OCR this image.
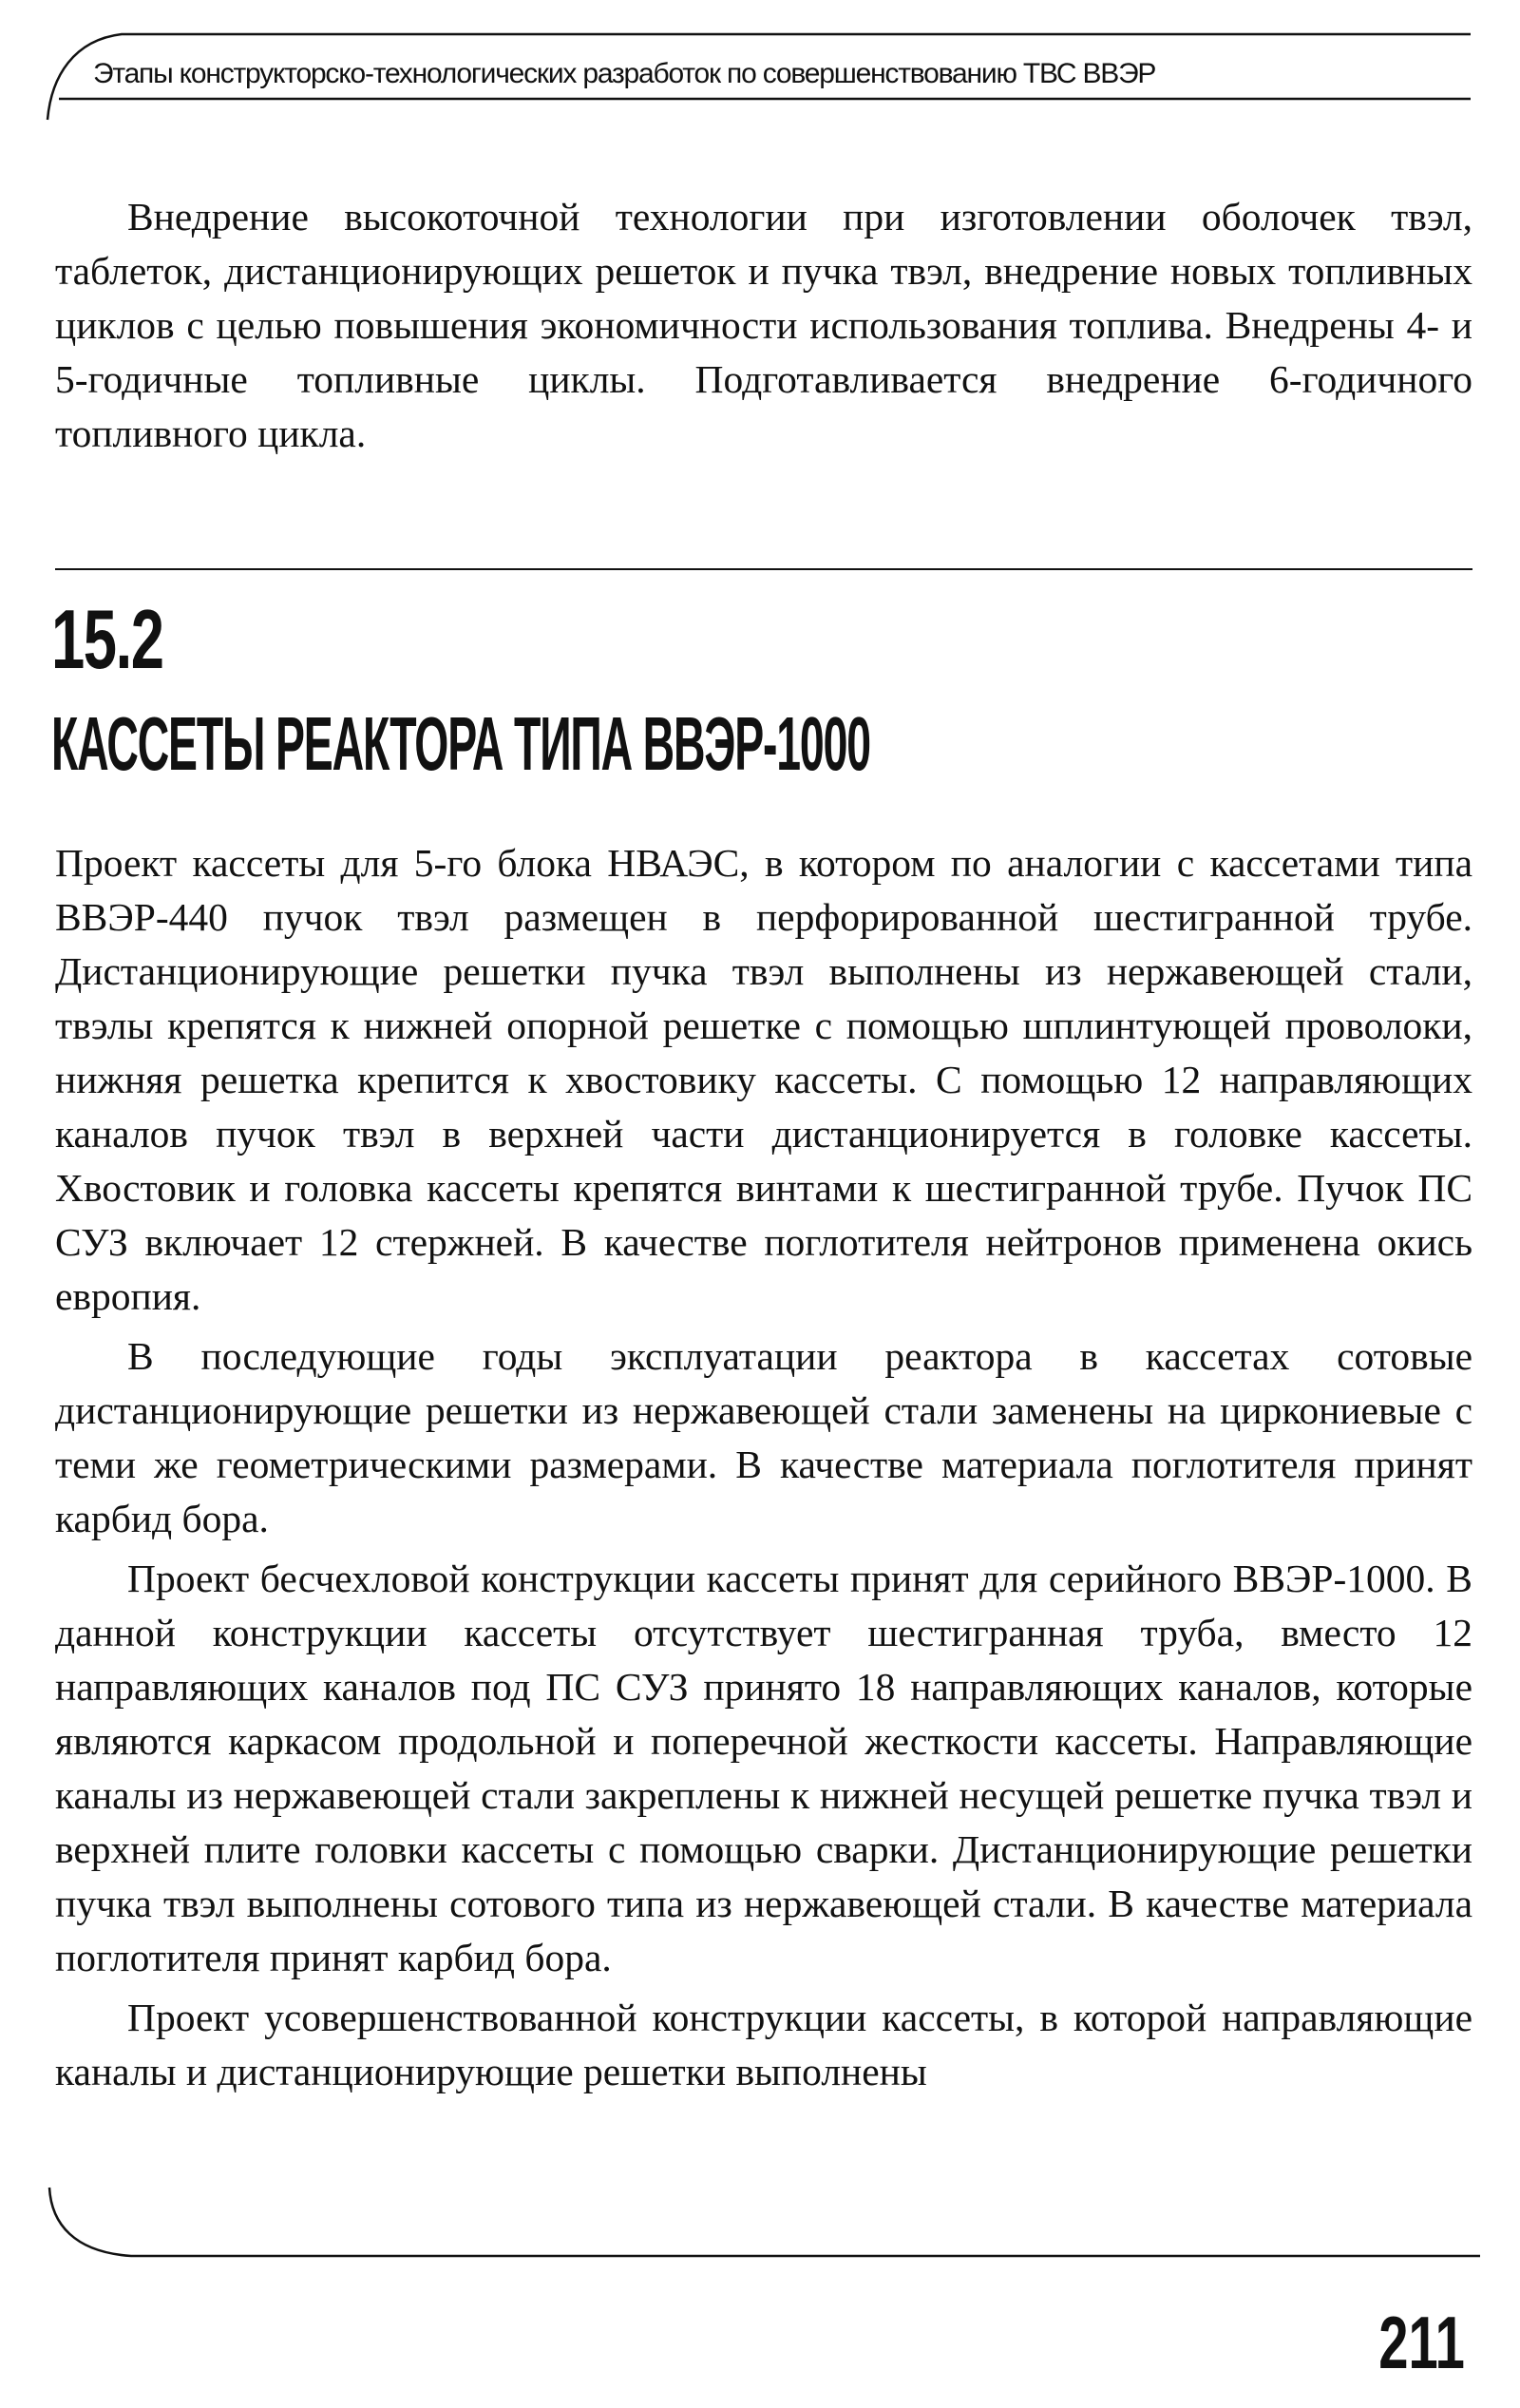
Этапы конструкторско-технологических разработок по совершенствованию ТВС ВВЭР

Внедрение высокоточной технологии при изготовлении оболочек твэл, таблеток, дистанционирующих решеток и пучка твэл, внедрение новых топливных циклов с целью повышения экономичности использования топлива. Внедрены 4- и 5-годичные топливные циклы. Подготавливается внедрение 6-годичного топливного цикла.

15.2
КАССЕТЫ РЕАКТОРА ТИПА ВВЭР-1000

Проект кассеты для 5-го блока НВАЭС, в котором по аналогии с кассетами типа ВВЭР-440 пучок твэл размещен в перфорированной шестигранной трубе. Дистанционирующие решетки пучка твэл выполнены из нержавеющей стали, твэлы крепятся к нижней опорной решетке с помощью шплинтующей проволоки, нижняя решетка крепится к хвостовику кассеты. С помощью 12 направляющих каналов пучок твэл в верхней части дистанционируется в головке кассеты. Хвостовик и головка кассеты крепятся винтами к шестигранной трубе. Пучок ПС СУЗ включает 12 стержней. В качестве поглотителя нейтронов применена окись европия.

В последующие годы эксплуатации реактора в кассетах сотовые дистанционирующие решетки из нержавеющей стали заменены на циркониевые с теми же геометрическими размерами. В качестве материала поглотителя принят карбид бора.

Проект бесчехловой конструкции кассеты принят для серийного ВВЭР-1000. В данной конструкции кассеты отсутствует шестигранная труба, вместо 12 направляющих каналов под ПС СУЗ принято 18 направляющих каналов, которые являются каркасом продольной и поперечной жесткости кассеты. Направляющие каналы из нержавеющей стали закреплены к нижней несущей решетке пучка твэл и верхней плите головки кассеты с помощью сварки. Дистанционирующие решетки пучка твэл выполнены сотового типа из нержавеющей стали. В качестве материала поглотителя принят карбид бора.

Проект усовершенствованной конструкции кассеты, в которой направляющие каналы и дистанционирующие решетки выполнены

211
